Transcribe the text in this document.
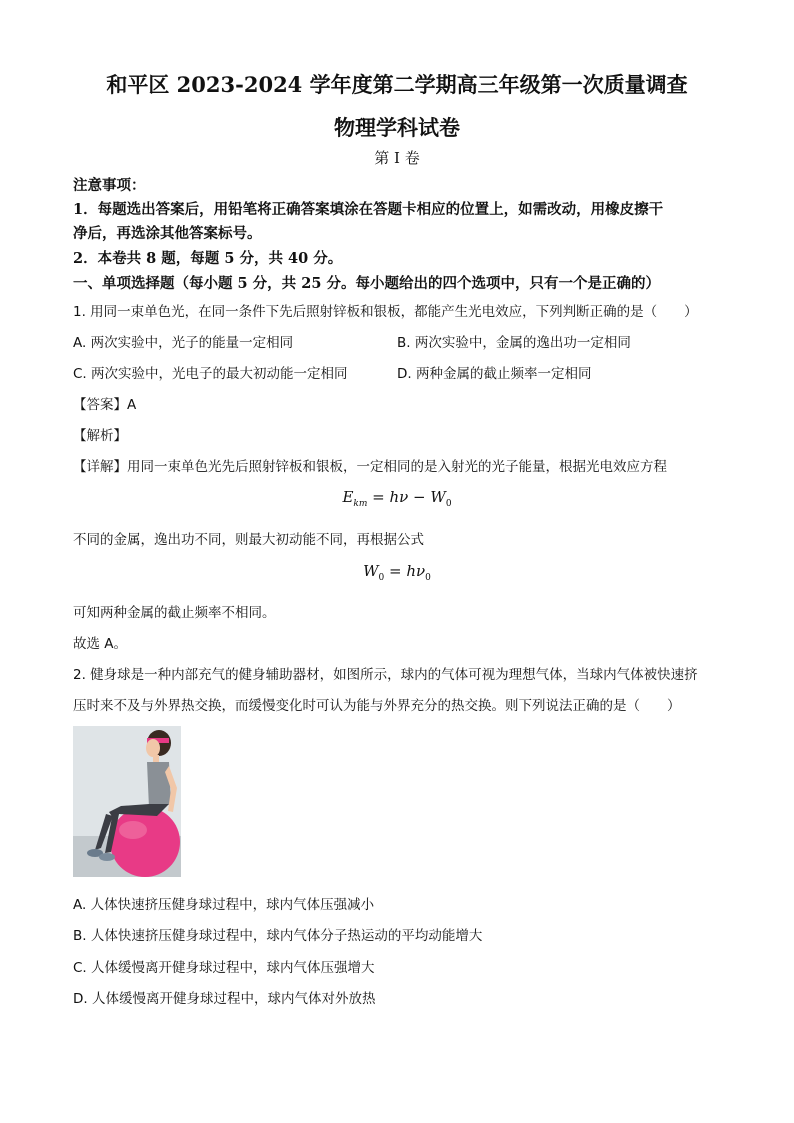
和平区 2023-2024 学年度第二学期高三年级第一次质量调查
物理学科试卷
第 I 卷
注意事项：
1．每题选出答案后，用铅笔将正确答案填涂在答题卡相应的位置上，如需改动，用橡皮擦干
净后，再选涂其他答案标号。
2．本卷共 8 题，每题 5 分，共 40 分。
一、单项选择题（每小题 5 分，共 25 分。每小题给出的四个选项中，只有一个是正确的）
1. 用同一束单色光，在同一条件下先后照射锌板和银板，都能产生光电效应，下列判断正确的是（　　）
A. 两次实验中，光子的能量一定相同	B. 两次实验中，金属的逸出功一定相同
C. 两次实验中，光电子的最大初动能一定相同	D. 两种金属的截止频率一定相同
【答案】A
【解析】
【详解】用同一束单色光先后照射锌板和银板，一定相同的是入射光的光子能量，根据光电效应方程
$E_{km} = h\nu - W_0$
不同的金属，逸出功不同，则最大初动能不同，再根据公式
$W_0 = h\nu_0$
可知两种金属的截止频率不相同。
故选 A。
2. 健身球是一种内部充气的健身辅助器材，如图所示，球内的气体可视为理想气体，当球内气体被快速挤
压时来不及与外界热交换，而缓慢变化时可认为能与外界充分的热交换。则下列说法正确的是（　　）
A. 人体快速挤压健身球过程中，球内气体压强减小
B. 人体快速挤压健身球过程中，球内气体分子热运动的平均动能增大
C. 人体缓慢离开健身球过程中，球内气体压强增大
D. 人体缓慢离开健身球过程中，球内气体对外放热
